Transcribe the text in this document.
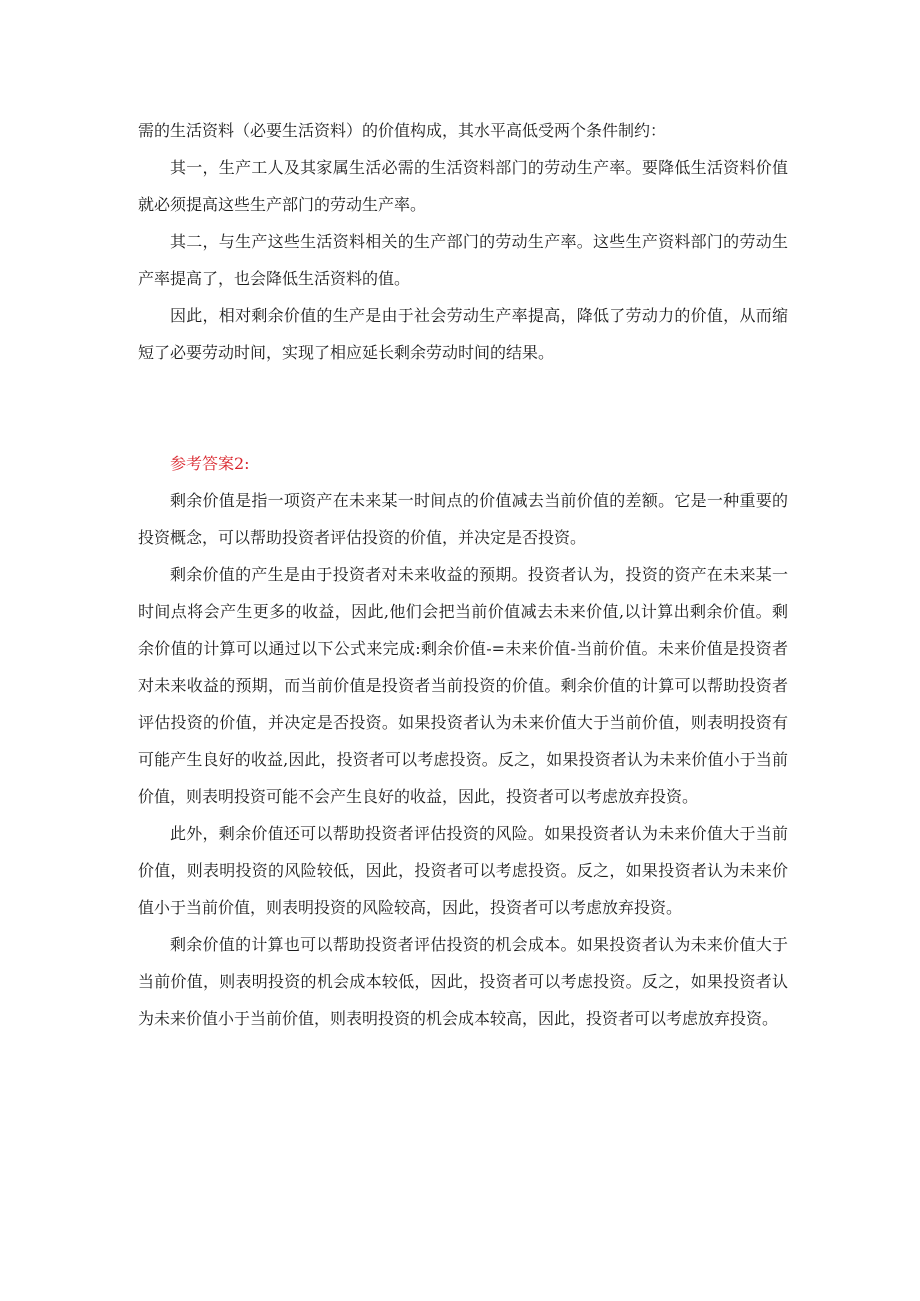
需的生活资料（必要生活资料）的价值构成，其水平高低受两个条件制约：

其一，生产工人及其家属生活必需的生活资料部门的劳动生产率。要降低生活资料价值就必须提高这些生产部门的劳动生产率。

其二，与生产这些生活资料相关的生产部门的劳动生产率。这些生产资料部门的劳动生产率提高了，也会降低生活资料的值。

因此，相对剩余价值的生产是由于社会劳动生产率提高，降低了劳动力的价值，从而缩短了必要劳动时间，实现了相应延长剩余劳动时间的结果。

参考答案2:

剩余价值是指一项资产在未来某一时间点的价值减去当前价值的差额。它是一种重要的投资概念，可以帮助投资者评估投资的价值，并决定是否投资。

剩余价值的产生是由于投资者对未来收益的预期。投资者认为，投资的资产在未来某一时间点将会产生更多的收益，因此,他们会把当前价值减去未来价值,以计算出剩余价值。剩余价值的计算可以通过以下公式来完成:剩余价值-=未来价值-当前价值。未来价值是投资者对未来收益的预期，而当前价值是投资者当前投资的价值。剩余价值的计算可以帮助投资者评估投资的价值，并决定是否投资。如果投资者认为未来价值大于当前价值，则表明投资有可能产生良好的收益,因此，投资者可以考虑投资。反之，如果投资者认为未来价值小于当前价值，则表明投资可能不会产生良好的收益，因此，投资者可以考虑放弃投资。

此外，剩余价值还可以帮助投资者评估投资的风险。如果投资者认为未来价值大于当前价值，则表明投资的风险较低，因此，投资者可以考虑投资。反之，如果投资者认为未来价值小于当前价值，则表明投资的风险较高，因此，投资者可以考虑放弃投资。

剩余价值的计算也可以帮助投资者评估投资的机会成本。如果投资者认为未来价值大于当前价值，则表明投资的机会成本较低，因此，投资者可以考虑投资。反之，如果投资者认为未来价值小于当前价值，则表明投资的机会成本较高，因此，投资者可以考虑放弃投资。
